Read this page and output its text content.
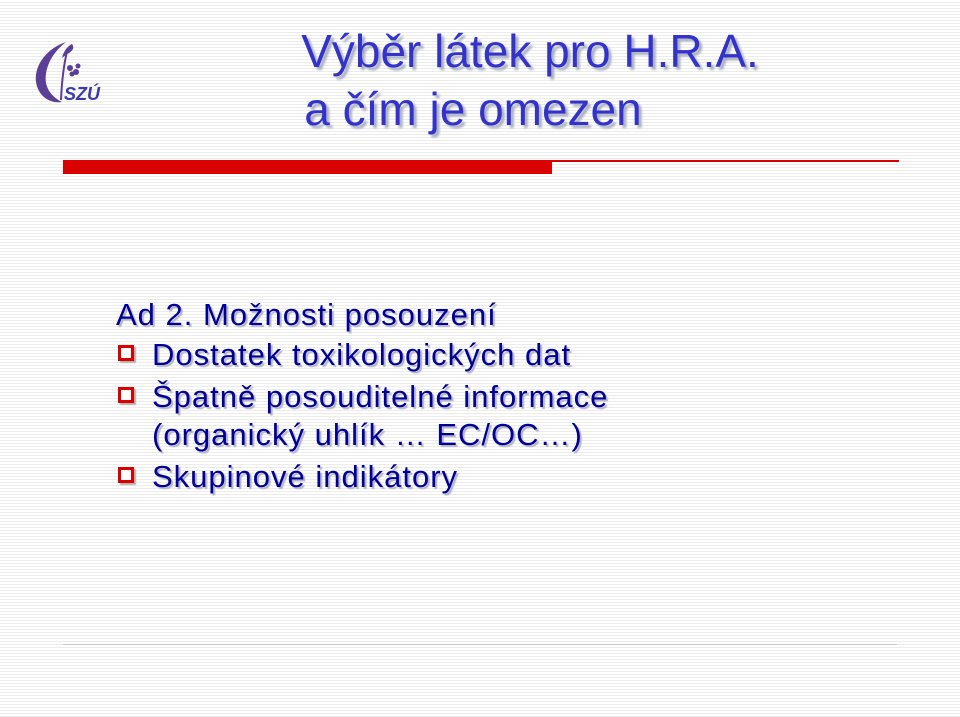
SZÚ
Výběr látek pro H.R.A.
a čím je omezen
Ad 2. Možnosti posouzení
Dostatek toxikologických dat
Špatně posouditelné informace
(organický uhlík … EC/OC…)
Skupinové indikátory
